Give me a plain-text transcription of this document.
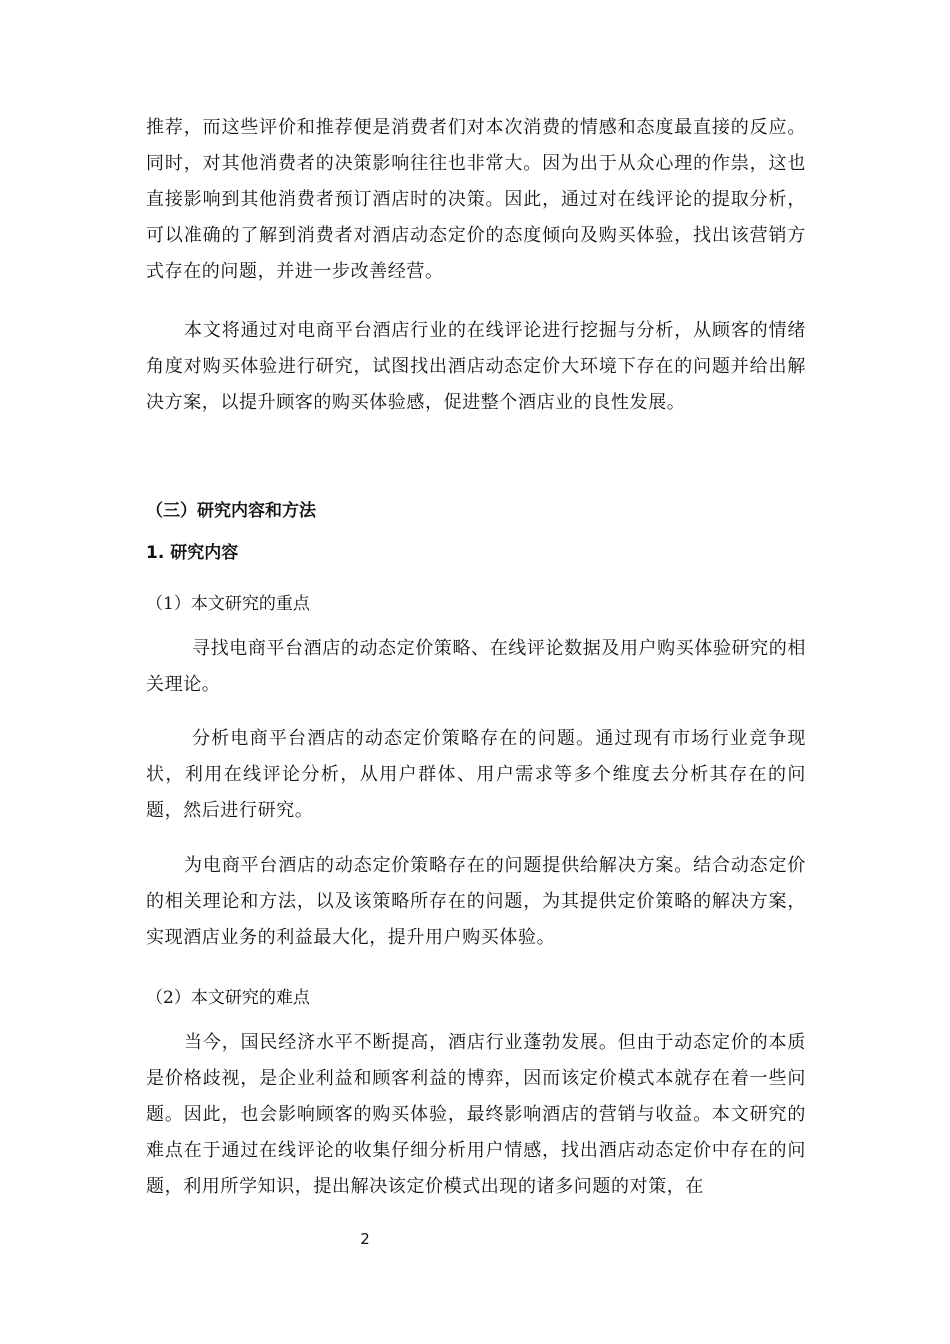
推荐，而这些评价和推荐便是消费者们对本次消费的情感和态度最直接的反应。同时，对其他消费者的决策影响往往也非常大。因为出于从众心理的作祟，这也直接影响到其他消费者预订酒店时的决策。因此，通过对在线评论的提取分析，可以准确的了解到消费者对酒店动态定价的态度倾向及购买体验，找出该营销方式存在的问题，并进一步改善经营。

本文将通过对电商平台酒店行业的在线评论进行挖掘与分析，从顾客的情绪角度对购买体验进行研究，试图找出酒店动态定价大环境下存在的问题并给出解决方案，以提升顾客的购买体验感，促进整个酒店业的良性发展。

（三）研究内容和方法

1. 研究内容

（1）本文研究的重点

寻找电商平台酒店的动态定价策略、在线评论数据及用户购买体验研究的相关理论。

分析电商平台酒店的动态定价策略存在的问题。通过现有市场行业竞争现状，利用在线评论分析，从用户群体、用户需求等多个维度去分析其存在的问题，然后进行研究。

为电商平台酒店的动态定价策略存在的问题提供给解决方案。结合动态定价的相关理论和方法，以及该策略所存在的问题，为其提供定价策略的解决方案，实现酒店业务的利益最大化，提升用户购买体验。

（2）本文研究的难点

当今，国民经济水平不断提高，酒店行业蓬勃发展。但由于动态定价的本质是价格歧视，是企业利益和顾客利益的博弈，因而该定价模式本就存在着一些问题。因此，也会影响顾客的购买体验，最终影响酒店的营销与收益。本文研究的难点在于通过在线评论的收集仔细分析用户情感，找出酒店动态定价中存在的问题，利用所学知识，提出解决该定价模式出现的诸多问题的对策，在

2
